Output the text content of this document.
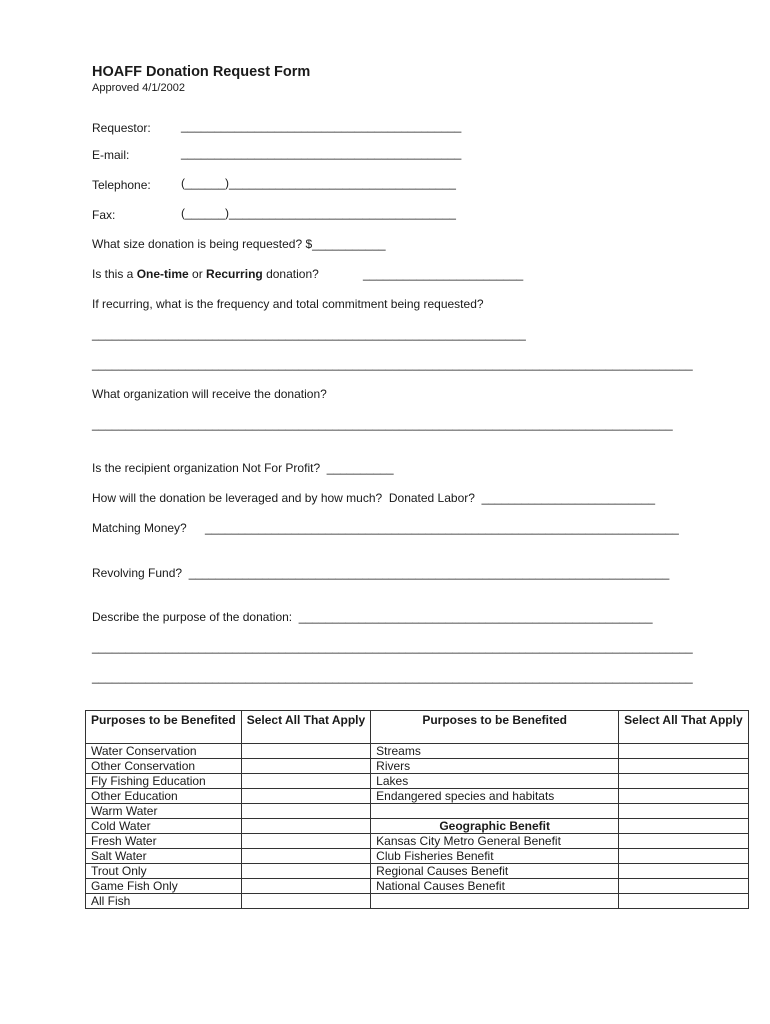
HOAFF Donation Request Form
Approved 4/1/2002
Requestor:	__________________________________________
E-mail:	__________________________________________
Telephone:	(______)__________________________________
Fax:	(______)__________________________________
What size donation is being requested? $___________
Is this a One-time or Recurring donation?	________________________
If recurring, what is the frequency and total commitment being requested?
_________________________________________________________________
__________________________________________________________________________________________
What organization will receive the donation?
_______________________________________________________________________________________
Is the recipient organization Not For Profit?  __________
How will the donation be leveraged and by how much?  Donated Labor?  __________________________
Matching Money? _______________________________________________________________________
Revolving Fund?  ________________________________________________________________________
Describe the purpose of the donation:  _____________________________________________________
__________________________________________________________________________________________
__________________________________________________________________________________________
Purposes to be Benefited	Select All That Apply	Purposes to be Benefited	Select All That Apply
Water Conservation		Streams	
Other Conservation		Rivers	
Fly Fishing Education		Lakes	
Other Education		Endangered species and habitats	
Warm Water			
Cold Water		Geographic Benefit	
Fresh Water		Kansas City Metro General Benefit	
Salt Water		Club Fisheries Benefit	
Trout Only		Regional Causes Benefit	
Game Fish Only		National Causes Benefit	
All Fish			
